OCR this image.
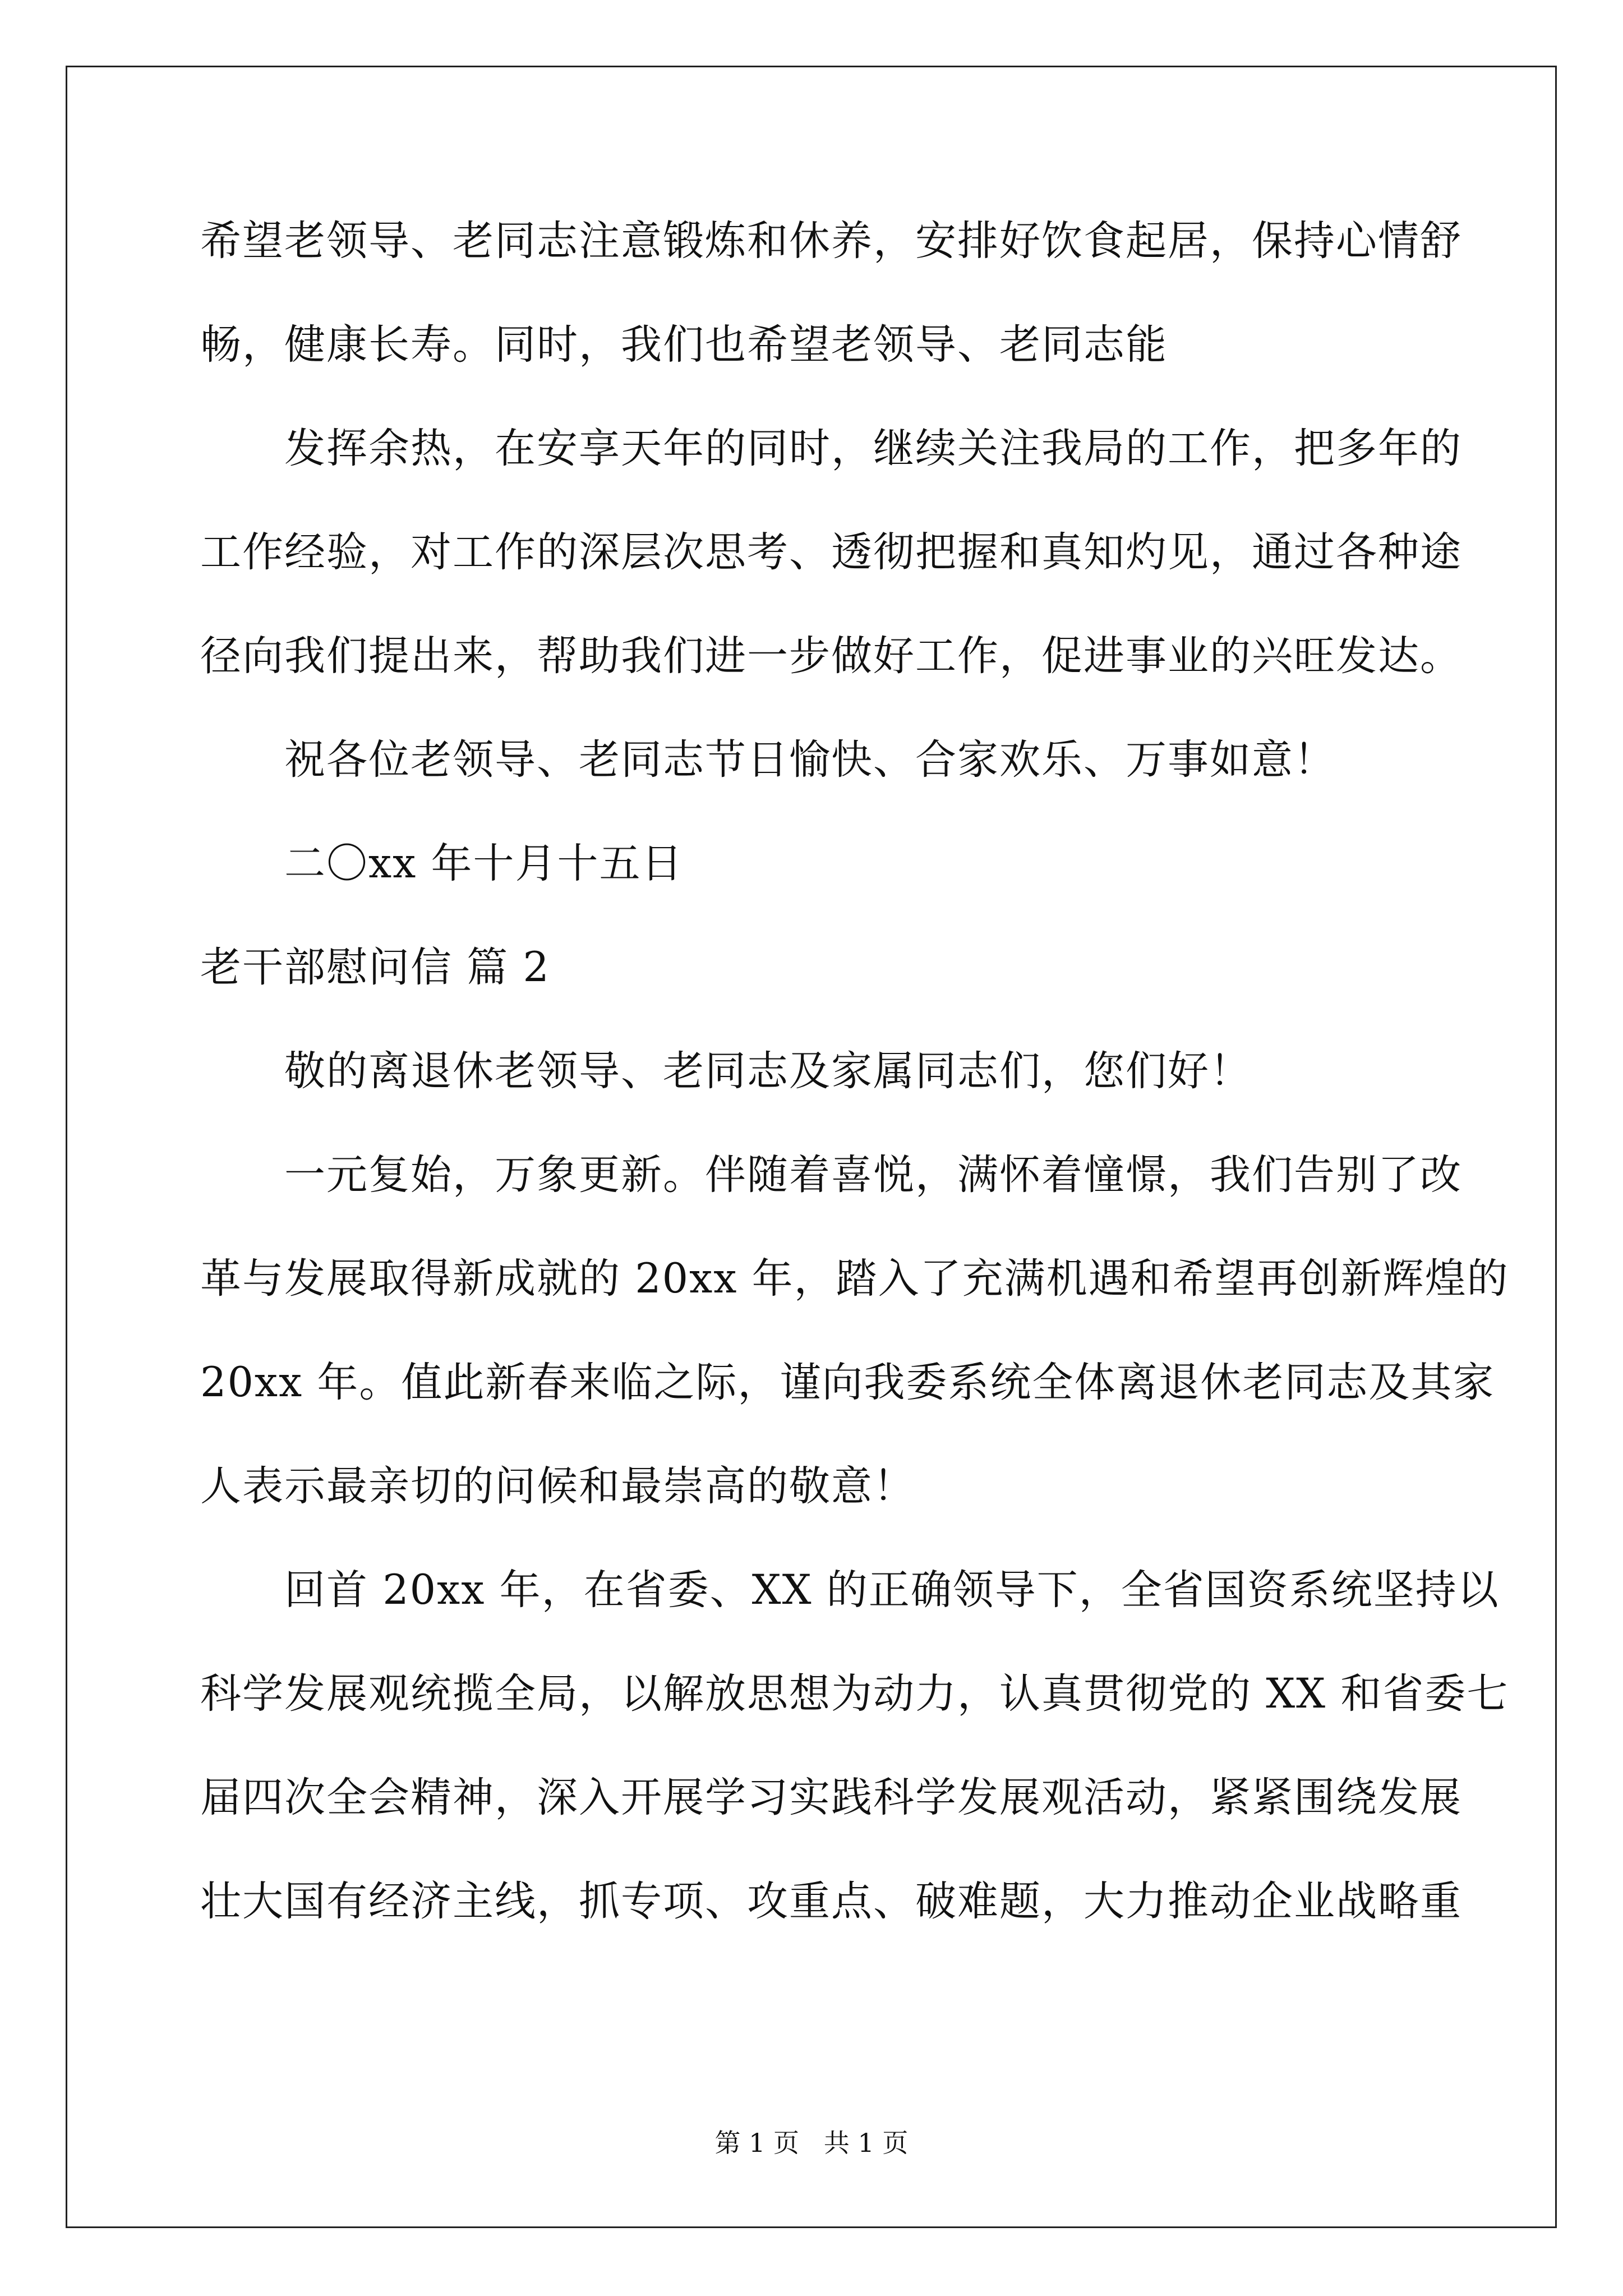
希望老领导、老同志注意锻炼和休养，安排好饮食起居，保持心情舒
畅，健康长寿。同时，我们也希望老领导、老同志能
发挥余热，在安享天年的同时，继续关注我局的工作，把多年的
工作经验，对工作的深层次思考、透彻把握和真知灼见，通过各种途
径向我们提出来，帮助我们进一步做好工作，促进事业的兴旺发达。
祝各位老领导、老同志节日愉快、合家欢乐、万事如意！
二〇xx 年十月十五日
老干部慰问信 篇 2
敬的离退休老领导、老同志及家属同志们，您们好！
一元复始，万象更新。伴随着喜悦，满怀着憧憬，我们告别了改
革与发展取得新成就的 20xx 年，踏入了充满机遇和希望再创新辉煌的
20xx 年。值此新春来临之际，谨向我委系统全体离退休老同志及其家
人表示最亲切的问候和最崇高的敬意！
回首 20xx 年，在省委、XX 的正确领导下，全省国资系统坚持以
科学发展观统揽全局，以解放思想为动力，认真贯彻党的 XX 和省委七
届四次全会精神，深入开展学习实践科学发展观活动，紧紧围绕发展
壮大国有经济主线，抓专项、攻重点、破难题，大力推动企业战略重
第 1 页   共 1 页
